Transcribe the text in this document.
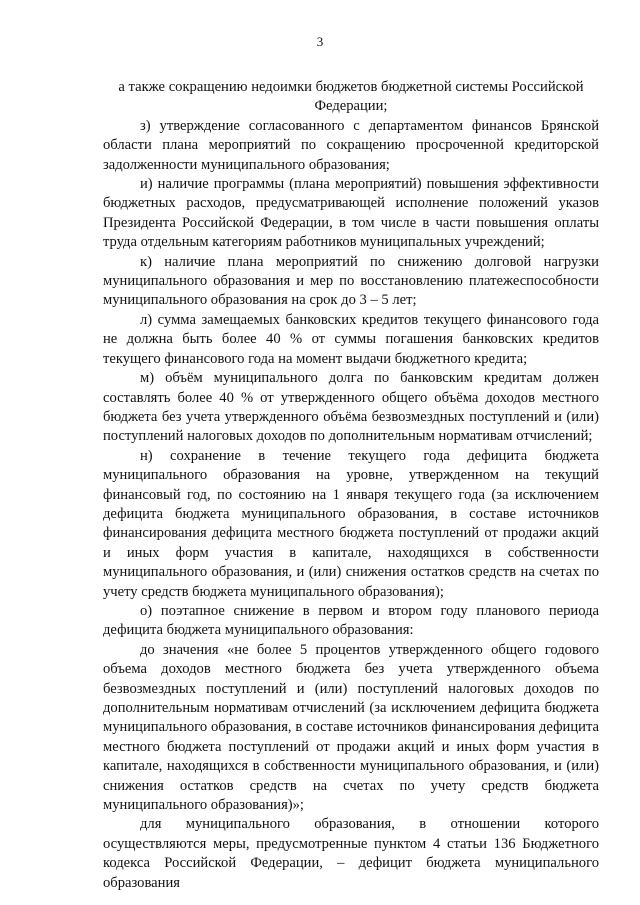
3

а также сокращению недоимки бюджетов бюджетной системы Российской Федерации;

з) утверждение согласованного с департаментом финансов Брянской области плана мероприятий по сокращению просроченной кредиторской задолженности муниципального образования;

и) наличие программы (плана мероприятий) повышения эффективности бюджетных расходов, предусматривающей исполнение положений указов Президента Российской Федерации, в том числе в части повышения оплаты труда отдельным категориям работников муниципальных учреждений;

к) наличие плана мероприятий по снижению долговой нагрузки муниципального образования и мер по восстановлению платежеспособности муниципального образования на срок до 3 – 5 лет;

л) сумма замещаемых банковских кредитов текущего финансового года не должна быть более 40 % от суммы погашения банковских кредитов текущего финансового года на момент выдачи бюджетного кредита;

м) объём муниципального долга по банковским кредитам должен составлять более 40 % от утвержденного общего объёма доходов местного бюджета без учета утвержденного объёма безвозмездных поступлений и (или) поступлений налоговых доходов по дополнительным нормативам отчислений;

н) сохранение в течение текущего года дефицита бюджета муниципального образования на уровне, утвержденном на текущий финансовый год, по состоянию на 1 января текущего года (за исключением дефицита бюджета муниципального образования, в составе источников финансирования дефицита местного бюджета поступлений от продажи акций и иных форм участия в капитале, находящихся в собственности муниципального образования, и (или) снижения остатков средств на счетах по учету средств бюджета муниципального образования);

о) поэтапное снижение в первом и втором году планового периода дефицита бюджета муниципального образования:

до значения «не более 5 процентов утвержденного общего годового объема доходов местного бюджета без учета утвержденного объема безвозмездных поступлений и (или) поступлений налоговых доходов по дополнительным нормативам отчислений (за исключением дефицита бюджета муниципального образования, в составе источников финансирования дефицита местного бюджета поступлений от продажи акций и иных форм участия в капитале, находящихся в собственности муниципального образования, и (или) снижения остатков средств на счетах по учету средств бюджета муниципального образования)»;

для муниципального образования, в отношении которого осуществляются меры, предусмотренные пунктом 4 статьи 136 Бюджетного кодекса Российской Федерации, – дефицит бюджета муниципального образования
